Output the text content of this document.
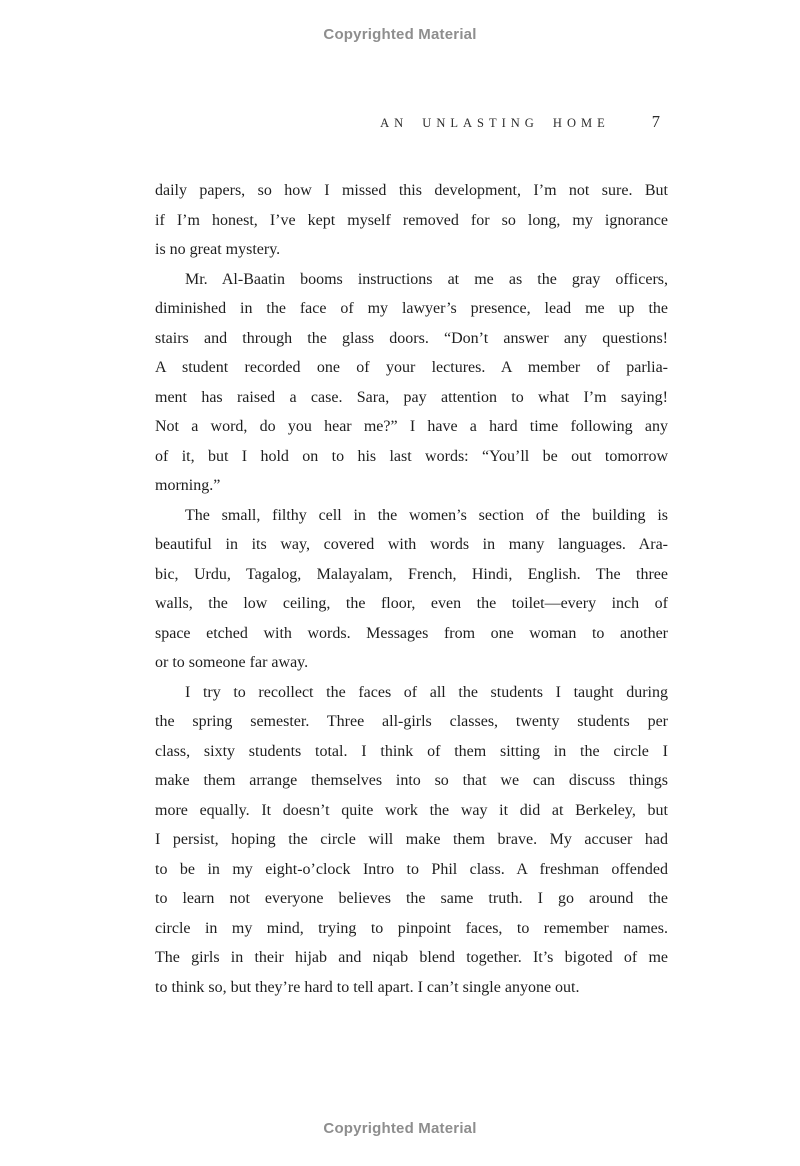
Copyrighted Material
AN UNLASTING HOME	7

daily papers, so how I missed this development, I’m not sure. But
if I’m honest, I’ve kept myself removed for so long, my ignorance
is no great mystery.

Mr. Al-Baatin booms instructions at me as the gray officers,
diminished in the face of my lawyer’s presence, lead me up the
stairs and through the glass doors. “Don’t answer any questions!
A student recorded one of your lectures. A member of parlia-
ment has raised a case. Sara, pay attention to what I’m saying!
Not a word, do you hear me?” I have a hard time following any
of it, but I hold on to his last words: “You’ll be out tomorrow
morning.”

The small, filthy cell in the women’s section of the building is
beautiful in its way, covered with words in many languages. Ara-
bic, Urdu, Tagalog, Malayalam, French, Hindi, English. The three
walls, the low ceiling, the floor, even the toilet—every inch of
space etched with words. Messages from one woman to another
or to someone far away.

I try to recollect the faces of all the students I taught during
the spring semester. Three all-girls classes, twenty students per
class, sixty students total. I think of them sitting in the circle I
make them arrange themselves into so that we can discuss things
more equally. It doesn’t quite work the way it did at Berkeley, but
I persist, hoping the circle will make them brave. My accuser had
to be in my eight-o’clock Intro to Phil class. A freshman offended
to learn not everyone believes the same truth. I go around the
circle in my mind, trying to pinpoint faces, to remember names.
The girls in their hijab and niqab blend together. It’s bigoted of me
to think so, but they’re hard to tell apart. I can’t single anyone out.

Copyrighted Material
